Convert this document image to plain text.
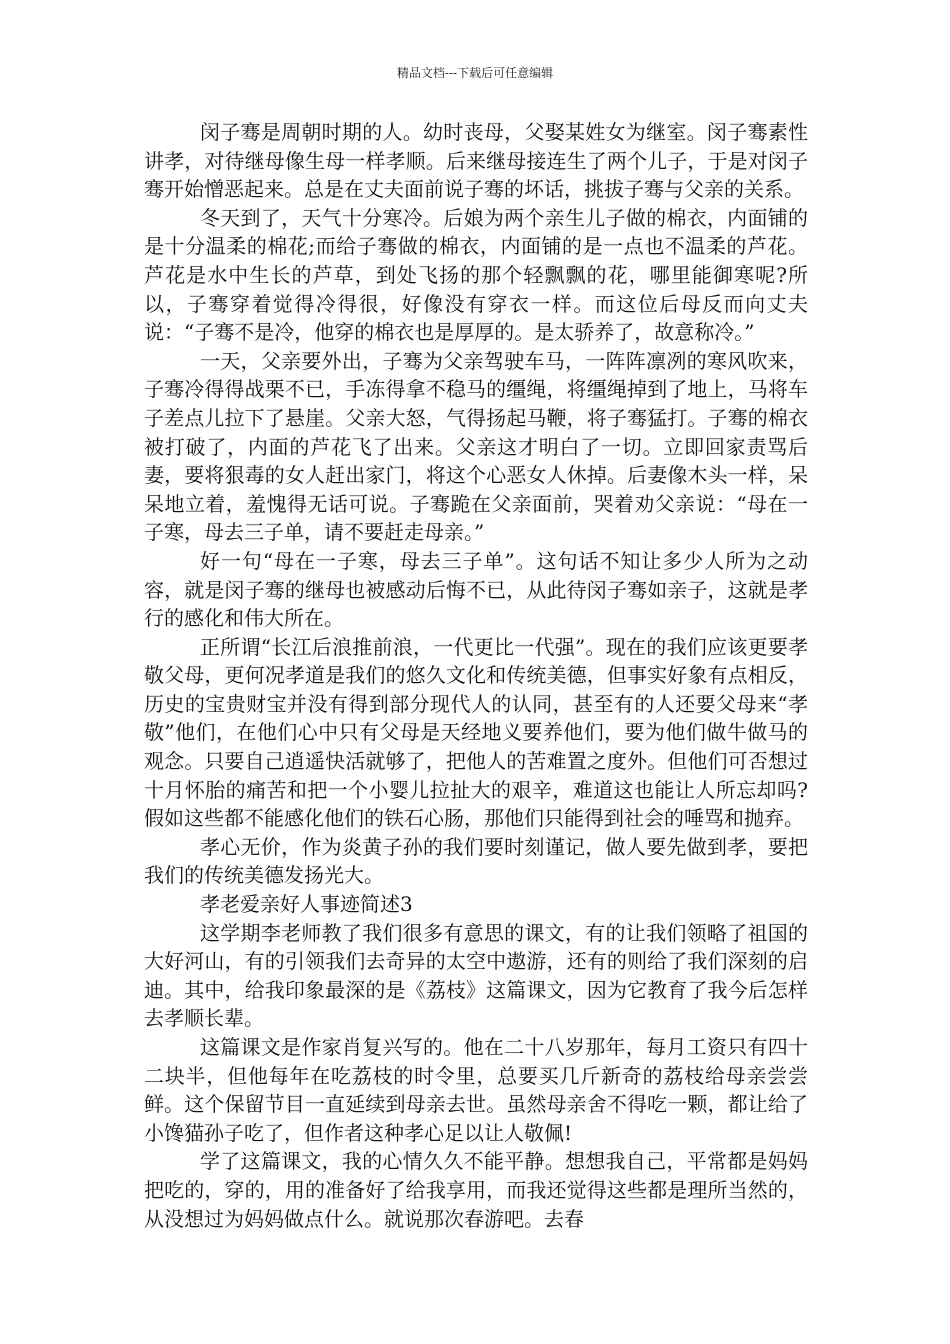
精品文档---下载后可任意编辑

闵子骞是周朝时期的人。幼时丧母，父娶某姓女为继室。闵子骞素性讲孝，对待继母像生母一样孝顺。后来继母接连生了两个儿子，于是对闵子骞开始憎恶起来。总是在丈夫面前说子骞的坏话，挑拔子骞与父亲的关系。

冬天到了，天气十分寒冷。后娘为两个亲生儿子做的棉衣，内面铺的是十分温柔的棉花;而给子骞做的棉衣，内面铺的是一点也不温柔的芦花。芦花是水中生长的芦草，到处飞扬的那个轻飘飘的花，哪里能御寒呢?所以，子骞穿着觉得冷得很，好像没有穿衣一样。而这位后母反而向丈夫说：“子骞不是冷，他穿的棉衣也是厚厚的。是太骄养了，故意称冷。”

一天，父亲要外出，子骞为父亲驾驶车马，一阵阵凛冽的寒风吹来，子骞冷得得战栗不已，手冻得拿不稳马的缰绳，将缰绳掉到了地上，马将车子差点儿拉下了悬崖。父亲大怒，气得扬起马鞭，将子骞猛打。子骞的棉衣被打破了，内面的芦花飞了出来。父亲这才明白了一切。立即回家责骂后妻，要将狠毒的女人赶出家门，将这个心恶女人休掉。后妻像木头一样，呆呆地立着，羞愧得无话可说。子骞跪在父亲面前，哭着劝父亲说：“母在一子寒，母去三子单，请不要赶走母亲。”

好一句“母在一子寒，母去三子单”。这句话不知让多少人所为之动容，就是闵子骞的继母也被感动后悔不已，从此待闵子骞如亲子，这就是孝行的感化和伟大所在。

正所谓“长江后浪推前浪，一代更比一代强”。现在的我们应该更要孝敬父母，更何况孝道是我们的悠久文化和传统美德，但事实好象有点相反，历史的宝贵财宝并没有得到部分现代人的认同，甚至有的人还要父母来“孝敬”他们，在他们心中只有父母是天经地义要养他们，要为他们做牛做马的观念。只要自己逍遥快活就够了，把他人的苦难置之度外。但他们可否想过十月怀胎的痛苦和把一个小婴儿拉扯大的艰辛，难道这也能让人所忘却吗?假如这些都不能感化他们的铁石心肠，那他们只能得到社会的唾骂和抛弃。

孝心无价，作为炎黄子孙的我们要时刻谨记，做人要先做到孝，要把我们的传统美德发扬光大。

孝老爱亲好人事迹简述3

这学期李老师教了我们很多有意思的课文，有的让我们领略了祖国的大好河山，有的引领我们去奇异的太空中遨游，还有的则给了我们深刻的启迪。其中，给我印象最深的是《荔枝》这篇课文，因为它教育了我今后怎样去孝顺长辈。

这篇课文是作家肖复兴写的。他在二十八岁那年，每月工资只有四十二块半，但他每年在吃荔枝的时令里，总要买几斤新奇的荔枝给母亲尝尝鲜。这个保留节目一直延续到母亲去世。虽然母亲舍不得吃一颗，都让给了小馋猫孙子吃了，但作者这种孝心足以让人敬佩!

学了这篇课文，我的心情久久不能平静。想想我自己，平常都是妈妈把吃的，穿的，用的准备好了给我享用，而我还觉得这些都是理所当然的，从没想过为妈妈做点什么。就说那次春游吧。去春
